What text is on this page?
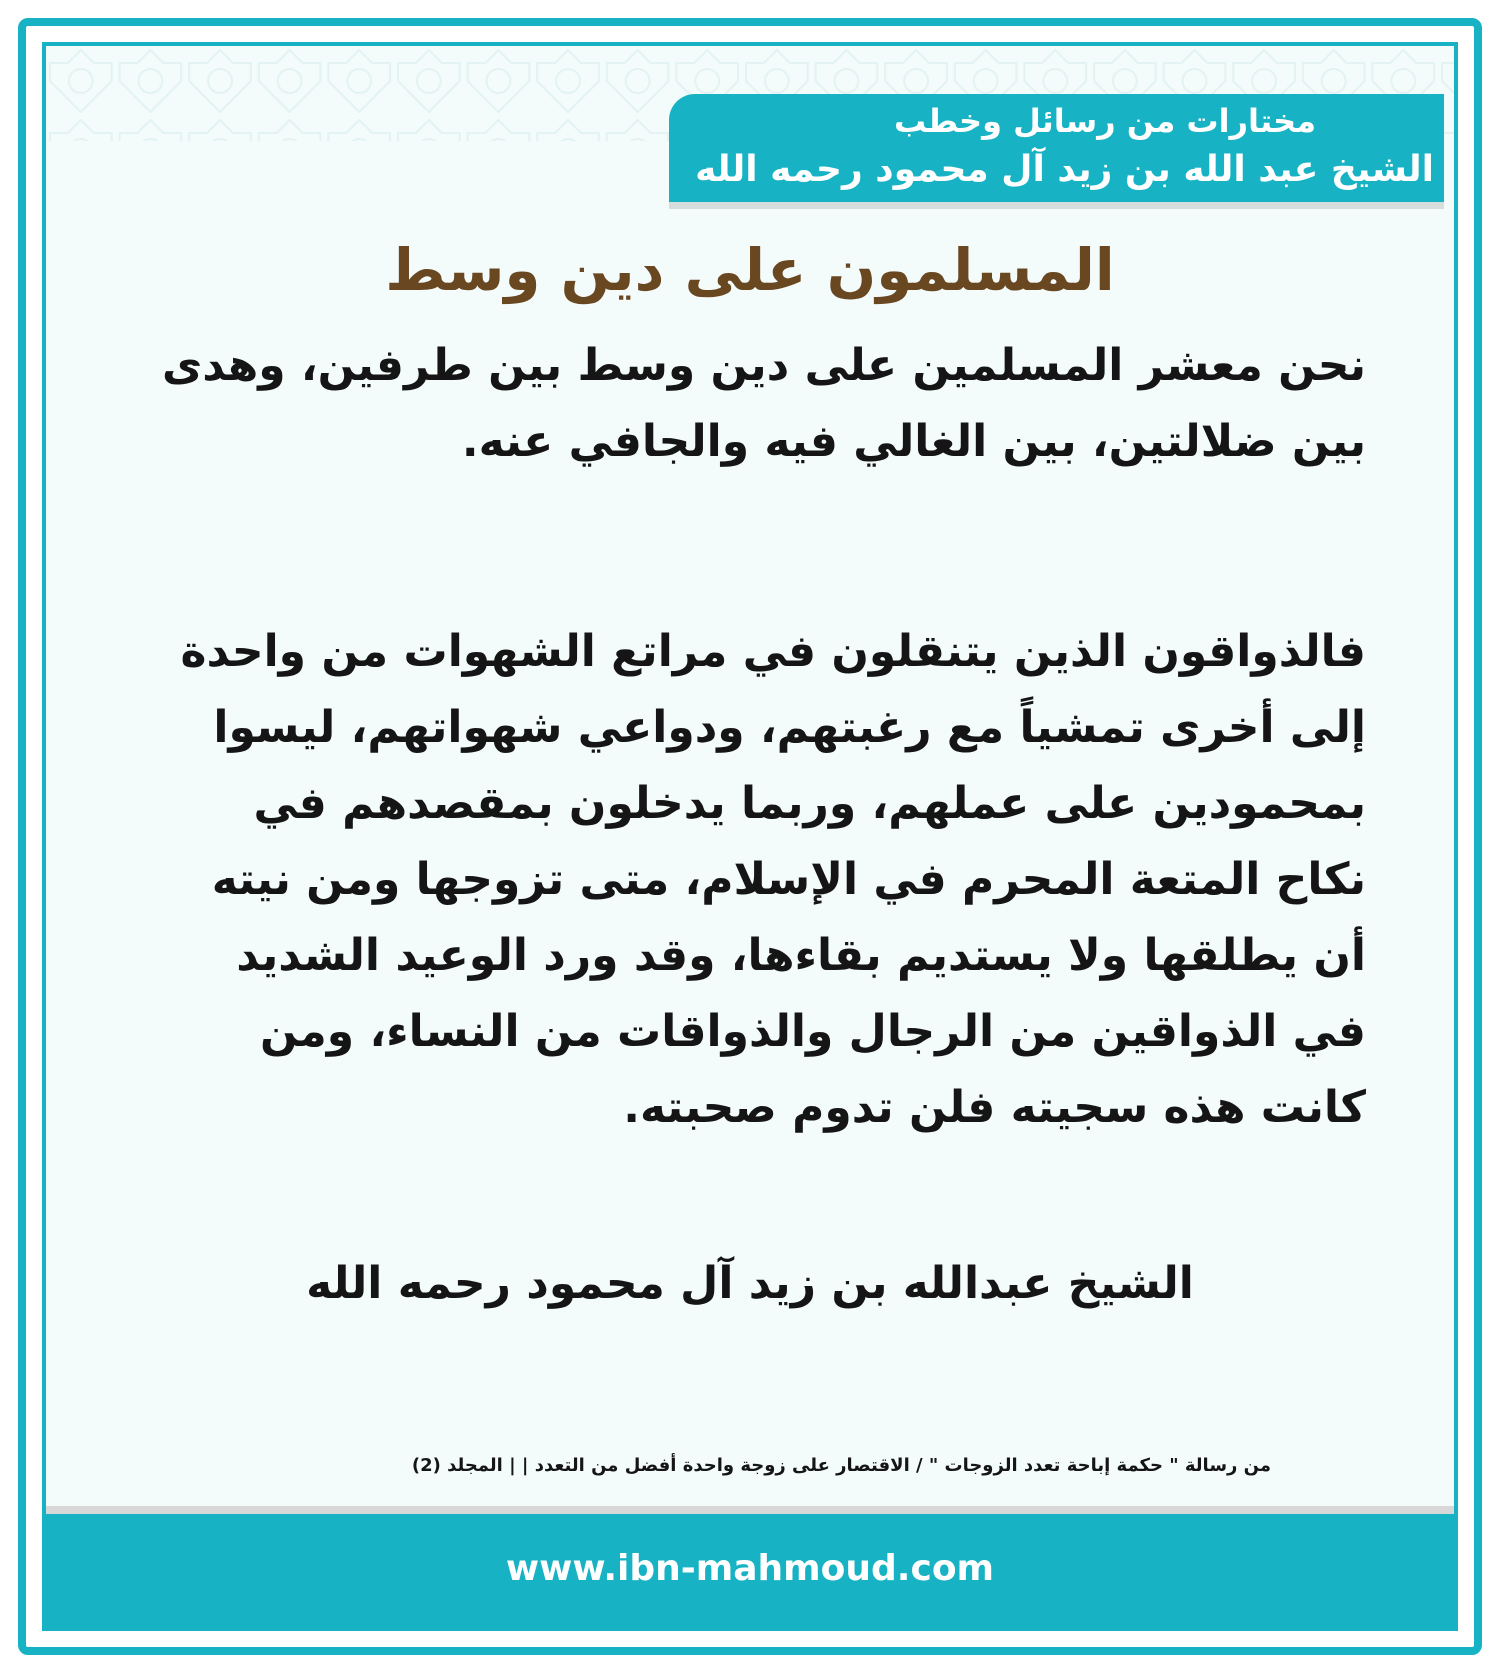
مختارات من رسائل وخطب
الشيخ عبد الله بن زيد آل محمود رحمه الله
المسلمون على دين وسط
نحن معشر المسلمين على دين وسط بين طرفين، وهدى بين ضلالتين، بين الغالي فيه والجافي عنه.
فالذواقون الذين يتنقلون في مراتع الشهوات من واحدة إلى أخرى تمشياً مع رغبتهم، ودواعي شهواتهم، ليسوا بمحمودين على عملهم، وربما يدخلون بمقصدهم في نكاح المتعة المحرم في الإسلام، متى تزوجها ومن نيته أن يطلقها ولا يستديم بقاءها، وقد ورد الوعيد الشديد في الذواقين من الرجال والذواقات من النساء، ومن كانت هذه سجيته فلن تدوم صحبته.
الشيخ عبدالله بن زيد آل محمود رحمه الله
من رسالة " حكمة إباحة تعدد الزوجات " / الاقتصار على زوجة واحدة أفضل من التعدد | | المجلد (2)
www.ibn-mahmoud.com
